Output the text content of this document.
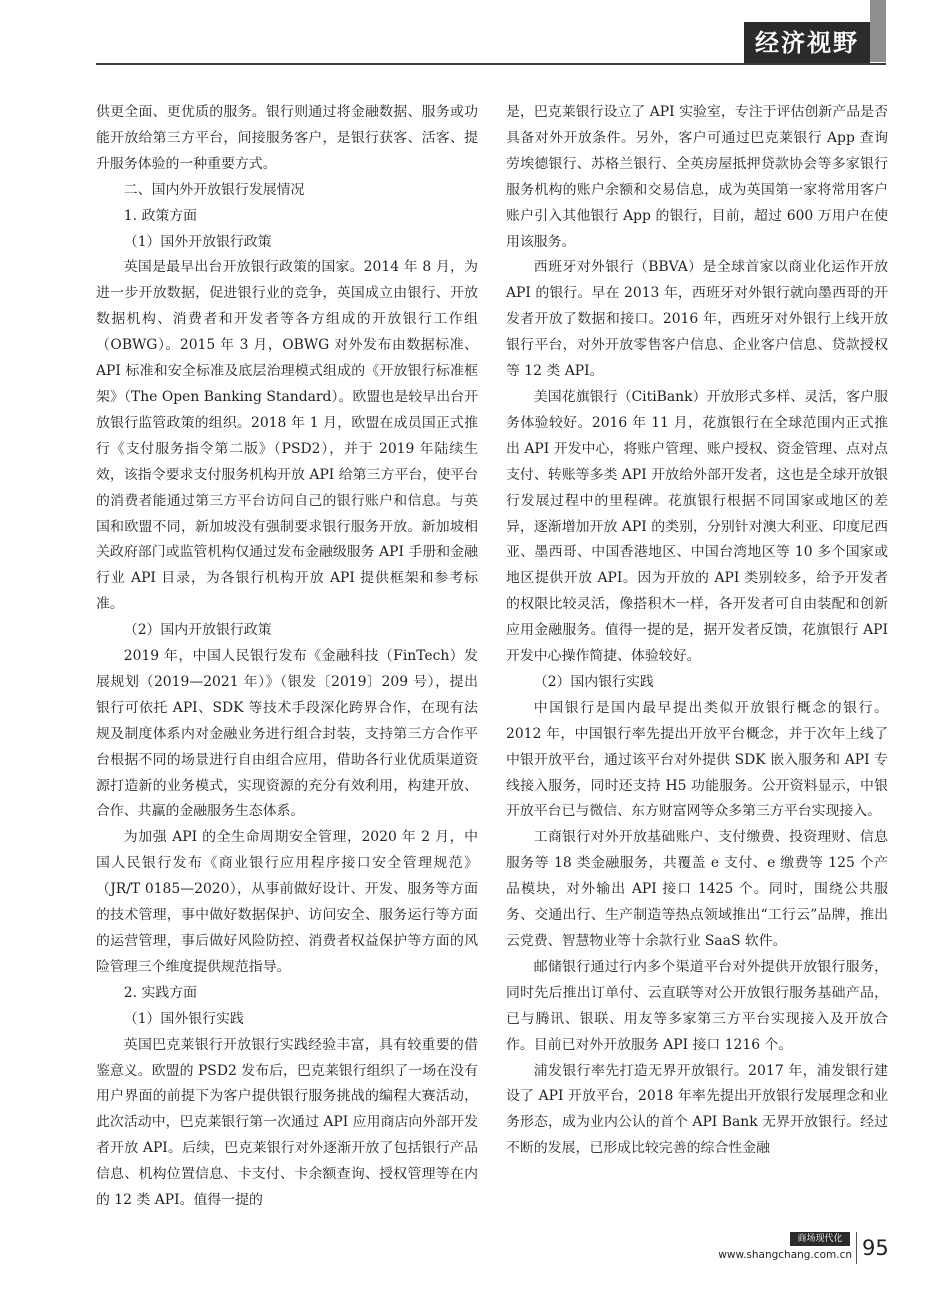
经济视野

供更全面、更优质的服务。银行则通过将金融数据、服务或功能开放给第三方平台，间接服务客户，是银行获客、活客、提升服务体验的一种重要方式。

二、国内外开放银行发展情况

1. 政策方面

（1）国外开放银行政策

英国是最早出台开放银行政策的国家。2014 年 8 月，为进一步开放数据，促进银行业的竞争，英国成立由银行、开放数据机构、消费者和开发者等各方组成的开放银行工作组（OBWG）。2015 年 3 月，OBWG 对外发布由数据标准、API 标准和安全标准及底层治理模式组成的《开放银行标准框架》（The Open Banking Standard）。欧盟也是较早出台开放银行监管政策的组织。2018 年 1 月，欧盟在成员国正式推行《支付服务指令第二版》（PSD2），并于 2019 年陆续生效，该指令要求支付服务机构开放 API 给第三方平台，使平台的消费者能通过第三方平台访问自己的银行账户和信息。与英国和欧盟不同，新加坡没有强制要求银行服务开放。新加坡相关政府部门或监管机构仅通过发布金融级服务 API 手册和金融行业 API 目录，为各银行机构开放 API 提供框架和参考标准。

（2）国内开放银行政策

2019 年，中国人民银行发布《金融科技（FinTech）发展规划（2019—2021 年）》（银发〔2019〕209 号），提出银行可依托 API、SDK 等技术手段深化跨界合作，在现有法规及制度体系内对金融业务进行组合封装，支持第三方合作平台根据不同的场景进行自由组合应用，借助各行业优质渠道资源打造新的业务模式，实现资源的充分有效利用，构建开放、合作、共赢的金融服务生态体系。

为加强 API 的全生命周期安全管理，2020 年 2 月，中国人民银行发布《商业银行应用程序接口安全管理规范》（JR/T 0185—2020），从事前做好设计、开发、服务等方面的技术管理，事中做好数据保护、访问安全、服务运行等方面的运营管理，事后做好风险防控、消费者权益保护等方面的风险管理三个维度提供规范指导。

2. 实践方面

（1）国外银行实践

英国巴克莱银行开放银行实践经验丰富，具有较重要的借鉴意义。欧盟的 PSD2 发布后，巴克莱银行组织了一场在没有用户界面的前提下为客户提供银行服务挑战的编程大赛活动，此次活动中，巴克莱银行第一次通过 API 应用商店向外部开发者开放 API。后续，巴克莱银行对外逐渐开放了包括银行产品信息、机构位置信息、卡支付、卡余额查询、授权管理等在内的 12 类 API。值得一提的

是，巴克莱银行设立了 API 实验室，专注于评估创新产品是否具备对外开放条件。另外，客户可通过巴克莱银行 App 查询劳埃德银行、苏格兰银行、全英房屋抵押贷款协会等多家银行服务机构的账户余额和交易信息，成为英国第一家将常用客户账户引入其他银行 App 的银行，目前，超过 600 万用户在使用该服务。

西班牙对外银行（BBVA）是全球首家以商业化运作开放 API 的银行。早在 2013 年，西班牙对外银行就向墨西哥的开发者开放了数据和接口。2016 年，西班牙对外银行上线开放银行平台，对外开放零售客户信息、企业客户信息、贷款授权等 12 类 API。

美国花旗银行（CitiBank）开放形式多样、灵活，客户服务体验较好。2016 年 11 月，花旗银行在全球范围内正式推出 API 开发中心，将账户管理、账户授权、资金管理、点对点支付、转账等多类 API 开放给外部开发者，这也是全球开放银行发展过程中的里程碑。花旗银行根据不同国家或地区的差异，逐渐增加开放 API 的类别，分别针对澳大利亚、印度尼西亚、墨西哥、中国香港地区、中国台湾地区等 10 多个国家或地区提供开放 API。因为开放的 API 类别较多，给予开发者的权限比较灵活，像搭积木一样，各开发者可自由装配和创新应用金融服务。值得一提的是，据开发者反馈，花旗银行 API 开发中心操作简捷、体验较好。

（2）国内银行实践

中国银行是国内最早提出类似开放银行概念的银行。2012 年，中国银行率先提出开放平台概念，并于次年上线了中银开放平台，通过该平台对外提供 SDK 嵌入服务和 API 专线接入服务，同时还支持 H5 功能服务。公开资料显示，中银开放平台已与微信、东方财富网等众多第三方平台实现接入。

工商银行对外开放基础账户、支付缴费、投资理财、信息服务等 18 类金融服务，共覆盖 e 支付、e 缴费等 125 个产品模块，对外输出 API 接口 1425 个。同时，围绕公共服务、交通出行、生产制造等热点领域推出“工行云”品牌，推出云党费、智慧物业等十余款行业 SaaS 软件。

邮储银行通过行内多个渠道平台对外提供开放银行服务，同时先后推出订单付、云直联等对公开放银行服务基础产品，已与腾讯、银联、用友等多家第三方平台实现接入及开放合作。目前已对外开放服务 API 接口 1216 个。

浦发银行率先打造无界开放银行。2017 年，浦发银行建设了 API 开放平台，2018 年率先提出开放银行发展理念和业务形态，成为业内公认的首个 API Bank 无界开放银行。经过不断的发展，已形成比较完善的综合性金融

商场现代化
www.shangchang.com.cn 95
